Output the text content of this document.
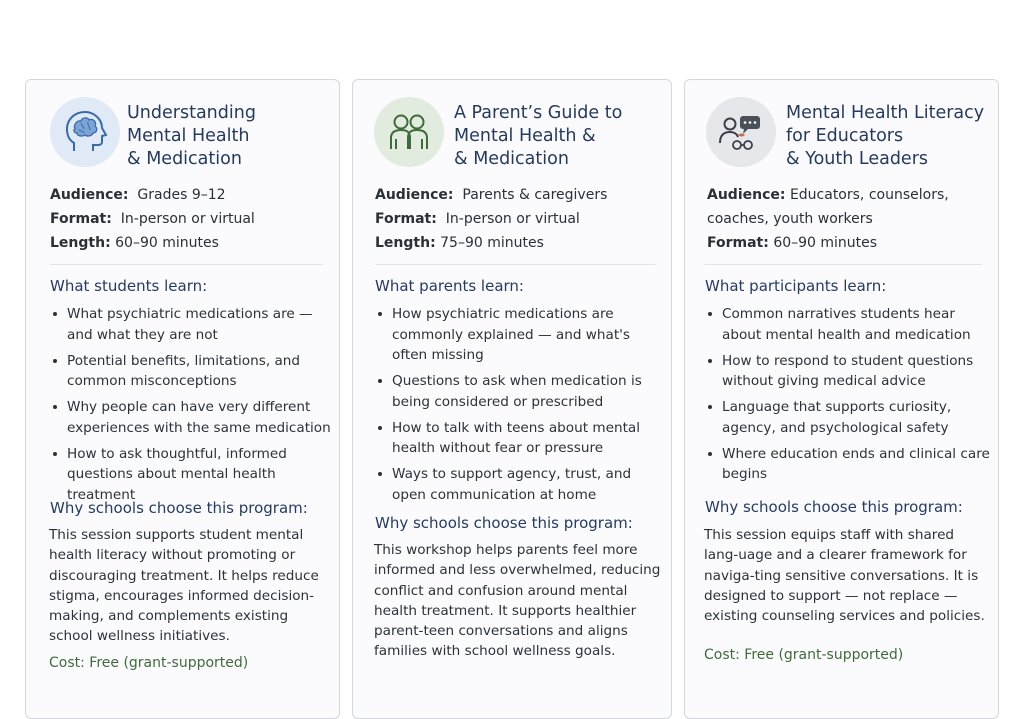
Understanding
Mental Health
& Medication
Audience: Grades 9–12
Format: In-person or virtual
Length: 60–90 minutes
What students learn:
What psychiatric medications are — and what they are not
Potential benefits, limitations, and common misconceptions
Why people can have very different experiences with the same medication
How to ask thoughtful, informed questions about mental health treatment
Why schools choose this program:

This session supports student mental health literacy without promoting or discouraging treatment. It helps reduce stigma, encourages informed decision-making, and complements existing school wellness initiatives.

Cost: Free (grant-supported)

A Parent’s Guide to
Mental Health &
& Medication
Audience: Parents & caregivers
Format: In-person or virtual
Length: 75–90 minutes
What parents learn:
How psychiatric medications are commonly explained — and what's often missing
Questions to ask when medication is being considered or prescribed
How to talk with teens about mental health without fear or pressure
Ways to support agency, trust, and open communication at home
Why schools choose this program:

This workshop helps parents feel more informed and less overwhelmed, reducing conflict and confusion around mental health treatment. It supports healthier parent-teen conversations and aligns families with school wellness goals.

Mental Health Literacy
for Educators
& Youth Leaders
Audience: Educators, counselors, coaches, youth workers
Format: 60–90 minutes
What participants learn:
Common narratives students hear about mental health and medication
How to respond to student questions without giving medical advice
Language that supports curiosity, agency, and psychological safety
Where education ends and clinical care begins
Why schools choose this program:

This session equips staff with shared lang-uage and a clearer framework for naviga-ting sensitive conversations. It is designed to support — not replace — existing counseling services and policies.

Cost: Free (grant-supported)
